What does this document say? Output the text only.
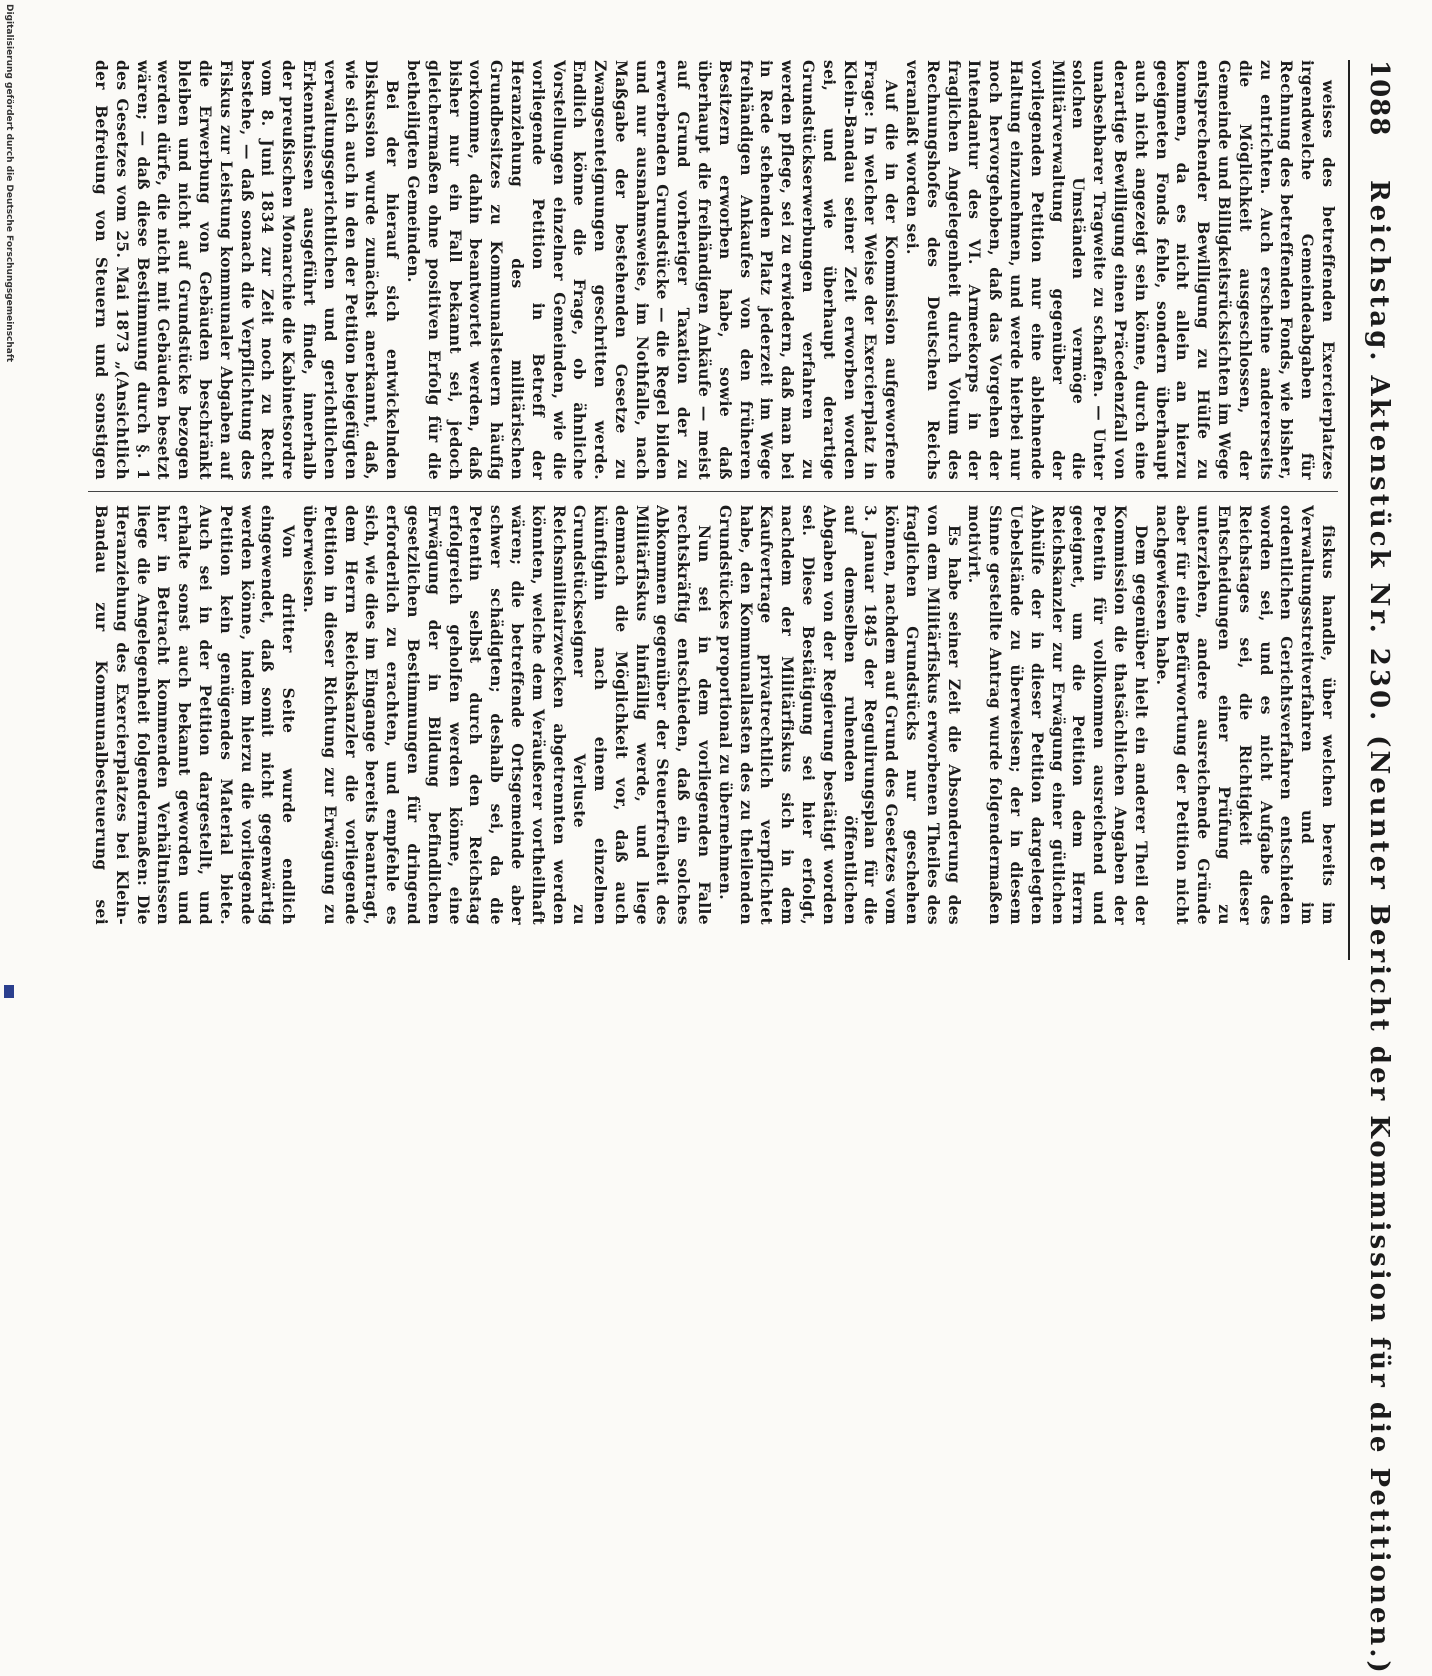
1088
Reichstag. Aktenstück Nr. 230. (Neunter Bericht der Kommission für die Petitionen.)

weises des betreffenden Exercierplatzes irgendwelche Gemeindeabgaben für Rechnung des betreffenden Fonds, wie bisher, zu entrichten. Auch erscheine andererseits die Möglichkeit ausgeschlossen, der Gemeinde und Billigkeitsrücksichten im Wege entsprechender Bewilligung zu Hülfe zu kommen, da es nicht allein an hierzu geeigneten Fonds fehle, sondern überhaupt auch nicht angezeigt sein könne, durch eine derartige Bewilligung einen Präcedenzfall von unabsehbarer Tragweite zu schaffen. — Unter solchen Umständen vermöge die Militärverwaltung gegenüber der vorliegenden Petition nur eine ablehnende Haltung einzunehmen, und werde hierbei nur noch hervorgehoben, daß das Vorgehen der Intendantur des VI. Armeekorps in der fraglichen Angelegenheit durch Votum des Rechnungshofes des Deutschen Reichs veranlaßt worden sei.

Auf die in der Kommission aufgeworfene Frage: In welcher Weise der Exercierplatz in Klein-Bandau seiner Zeit erworben worden sei, und wie überhaupt derartige Grundstückserwerbungen verfahren zu werden pflege, sei zu erwiedern, daß man bei in Rede stehenden Platz jederzeit im Wege freihändigen Ankaufes von den früheren Besitzern erworben habe, sowie daß überhaupt die freihändigen Ankäufe — meist auf Grund vorheriger Taxation der zu erwerbenden Grundstücke — die Regel bilden und nur ausnahmsweise, im Nothfalle, nach Maßgabe der bestehenden Gesetze zu Zwangsenteignungen geschritten werde. Endlich könne die Frage, ob ähnliche Vorstellungen einzelner Gemeinden, wie die vorliegende Petition in Betreff der Heranziehung des militärischen Grundbesitzes zu Kommunalsteuern häufig vorkomme, dahin beantwortet werden, daß bisher nur ein Fall bekannt sei, jedoch gleichermaßen ohne positiven Erfolg für die betheiligten Gemeinden.

Bei der hierauf sich entwickelnden Diskussion wurde zunächst anerkannt, daß, wie sich auch in den der Petition beigefügten verwaltungsgerichtlichen und gerichtlichen Erkenntnissen ausgeführt finde, innerhalb der preußischen Monarchie die Kabinetsordre vom 8. Juni 1834 zur Zeit noch zu Recht bestehe, — daß sonach die Verpflichtung des Fiskus zur Leistung kommunaler Abgaben auf die Erwerbung von Gebäuden beschränkt bleiben und nicht auf Grundstücke bezogen werden dürfe, die nicht mit Gebäuden besetzt wären; — daß diese Bestimmung durch §. 1 des Gesetzes vom 25. Mai 1873 „(Ansichtlich der Befreiung von Steuern und sonstigen

fiskus handle, über welchen bereits im Verwaltungsstreitverfahren und im ordentlichen Gerichtsverfahren entschieden worden sei, und es nicht Aufgabe des Reichstages sei, die Richtigkeit dieser Entscheidungen einer Prüfung zu unterziehen, andere ausreichende Gründe aber für eine Befürwortung der Petition nicht nachgewiesen habe.

Dem gegenüber hielt ein anderer Theil der Kommission die thatsächlichen Angaben der Petentin für vollkommen ausreichend und geeignet, um die Petition dem Herrn Reichskanzler zur Erwägung einer gütlichen Abhülfe der in dieser Petition dargelegten Uebelstände zu überweisen; der in diesem Sinne gestellte Antrag wurde folgendermaßen motivirt.

Es habe seiner Zeit die Absonderung des von dem Militärfiskus erworbenen Theiles des fraglichen Grundstücks nur geschehen können, nachdem auf Grund des Gesetzes vom 3. Januar 1845 der Regulirungsplan für die auf demselben ruhenden öffentlichen Abgaben von der Regierung bestätigt worden sei. Diese Bestätigung sei hier erfolgt, nachdem der Militärfiskus sich in dem Kaufvertrage privatrechtlich verpflichtet habe, den Kommunallasten des zu theilenden Grundstückes proportional zu übernehmen.

Nun sei in dem vorliegenden Falle rechtskräftig entschieden, daß ein solches Abkommen gegenüber der Steuerfreiheit des Militärfiskus hinfällig werde, und liege demnach die Möglichkeit vor, daß auch künftighin nach einem einzelnen Grundstückseigner Verluste zu Reichsmilitairzwecken abgetrennten werden könnten, welche dem Veräußerer vortheilhaft wären; die betreffende Ortsgemeinde aber schwer schädigten; deshalb sei, da die Petentin selbst durch den Reichstag erfolgreich geholfen werden könne, eine Erwägung der in Bildung befindlichen gesetzlichen Bestimmungen für dringend erforderlich zu erachten, und empfehle es sich, wie dies im Eingange bereits beantragt, dem Herrn Reichskanzler die vorliegende Petition in dieser Richtung zur Erwägung zu überweisen.

Von dritter Seite wurde endlich eingewendet, daß somit nicht gegenwärtig werden könne, indem hierzu die vorliegende Petition kein genügendes Material biete. Auch sei in der Petition dargestellt, und erhalte sonst auch bekannt geworden und hier in Betracht kommenden Verhältnissen liege die Angelegenheit folgendermaßen: Die Heranziehung des Exercierplatzes bei Klein-Bandau zur Kommunalbesteuerung sei

Digitalisierung gefördert durch die Deutsche Forschungsgemeinschaft
